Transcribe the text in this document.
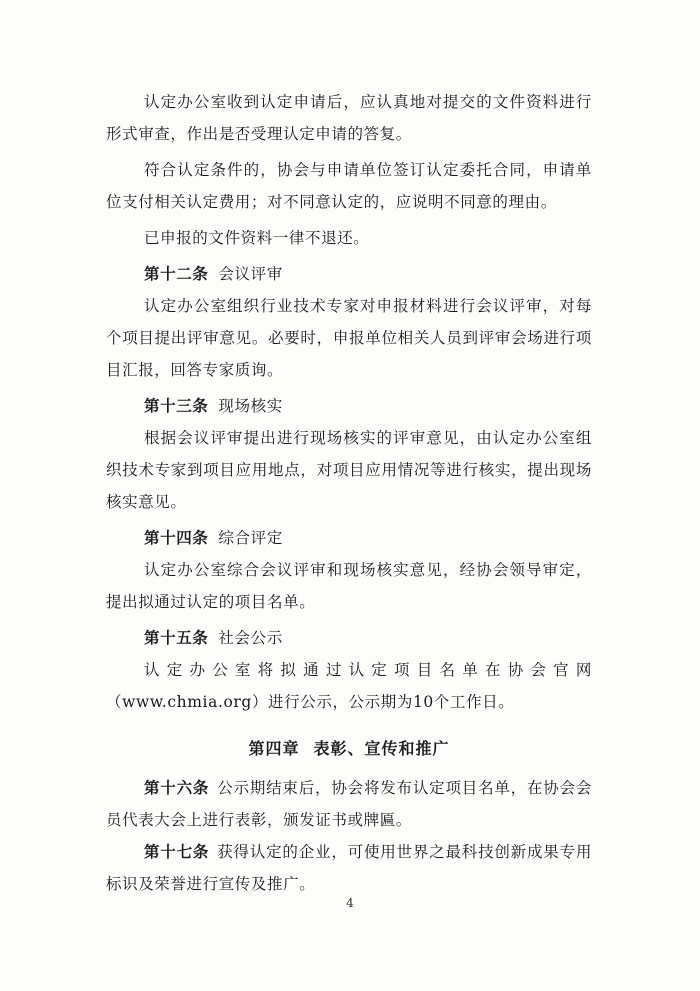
认定办公室收到认定申请后，应认真地对提交的文件资料进行形式审查，作出是否受理认定申请的答复。

符合认定条件的，协会与申请单位签订认定委托合同，申请单位支付相关认定费用；对不同意认定的，应说明不同意的理由。

已申报的文件资料一律不退还。

第十二条 会议评审

认定办公室组织行业技术专家对申报材料进行会议评审，对每个项目提出评审意见。必要时，申报单位相关人员到评审会场进行项目汇报，回答专家质询。

第十三条 现场核实

根据会议评审提出进行现场核实的评审意见，由认定办公室组织技术专家到项目应用地点，对项目应用情况等进行核实，提出现场核实意见。

第十四条 综合评定

认定办公室综合会议评审和现场核实意见，经协会领导审定，提出拟通过认定的项目名单。

第十五条 社会公示

认定办公室将拟通过认定项目名单在协会官网（www.chmia.org）进行公示，公示期为10个工作日。

第四章 表彰、宣传和推广

第十六条 公示期结束后，协会将发布认定项目名单，在协会会员代表大会上进行表彰，颁发证书或牌匾。

第十七条 获得认定的企业，可使用世界之最科技创新成果专用标识及荣誉进行宣传及推广。

4
